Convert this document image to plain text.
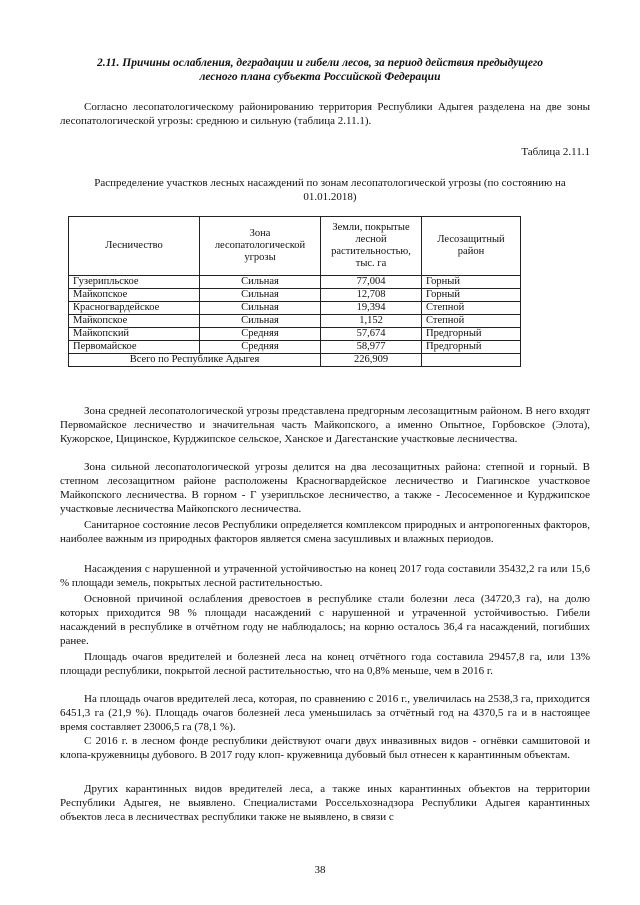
2.11. Причины ослабления, деградации и гибели лесов, за период действия предыдущего
лесного плана субъекта Российской Федерации
Согласно лесопатологическому районированию территория Республики Адыгея разделена на две зоны лесопатологической угрозы: среднюю и сильную (таблица 2.11.1).
Таблица 2.11.1
Распределение участков лесных насаждений по зонам лесопатологической угрозы (по состоянию на 01.01.2018)
Лесничество	Зона лесопатологической угрозы	Земли, покрытые лесной растительностью, тыс. га	Лесозащитный район
Гузерипльское	Сильная	77,004	Горный
Майкопское	Сильная	12,708	Горный
Красногвардейское	Сильная	19,394	Степной
Майкопское	Сильная	1,152	Степной
Майкопский	Средняя	57,674	Предгорный
Первомайское	Средняя	58,977	Предгорный
Всего по Республике Адыгея		226,909	
Зона средней лесопатологической угрозы представлена предгорным лесозащитным районом. В него входят Первомайское лесничество и значительная часть Майкопского, а именно Опытное, Горбовское (Элота), Кужорское, Цицинское, Курджипское сельское, Ханское и Дагестанские участковые лесничества.
Зона сильной лесопатологической угрозы делится на два лесозащитных района: степной и горный. В степном лесозащитном районе расположены Красногвардейское лесничество и Гиагинское участковое Майкопского лесничества. В горном - Г узерипльское лесничество, а также - Лесосеменное и Курджипское участковые лесничества Майкопского лесничества.
Санитарное состояние лесов Республики определяется комплексом природных и антропогенных факторов, наиболее важным из природных факторов является смена засушливых и влажных периодов.
Насаждения с нарушенной и утраченной устойчивостью на конец 2017 года составили 35432,2 га или 15,6 % площади земель, покрытых лесной растительностью.
Основной причиной ослабления древостоев в республике стали болезни леса (34720,3 га), на долю которых приходится 98 % площади насаждений с нарушенной и утраченной устойчивостью. Гибели насаждений в республике в отчётном году не наблюдалось; на корню осталось 36,4 га насаждений, погибших ранее.
Площадь очагов вредителей и болезней леса на конец отчётного года составила 29457,8 га, или 13% площади республики, покрытой лесной растительностью, что на 0,8% меньше, чем в 2016 г.
На площадь очагов вредителей леса, которая, по сравнению с 2016 г., увеличилась на 2538,3 га, приходится 6451,3 га (21,9 %). Площадь очагов болезней леса уменьшилась за отчётный год на 4370,5 га и в настоящее время составляет 23006,5 га (78,1 %).
С 2016 г. в лесном фонде республики действуют очаги двух инвазивных видов - огнёвки самшитовой и клопа-кружевницы дубового. В 2017 году клоп- кружевница дубовый был отнесен к карантинным объектам.
Других карантинных видов вредителей леса, а также иных карантинных объектов на территории Республики Адыгея, не выявлено. Специалистами Россельхознадзора Республики Адыгея карантинных объектов леса в лесничествах республики также не выявлено, в связи с
38
